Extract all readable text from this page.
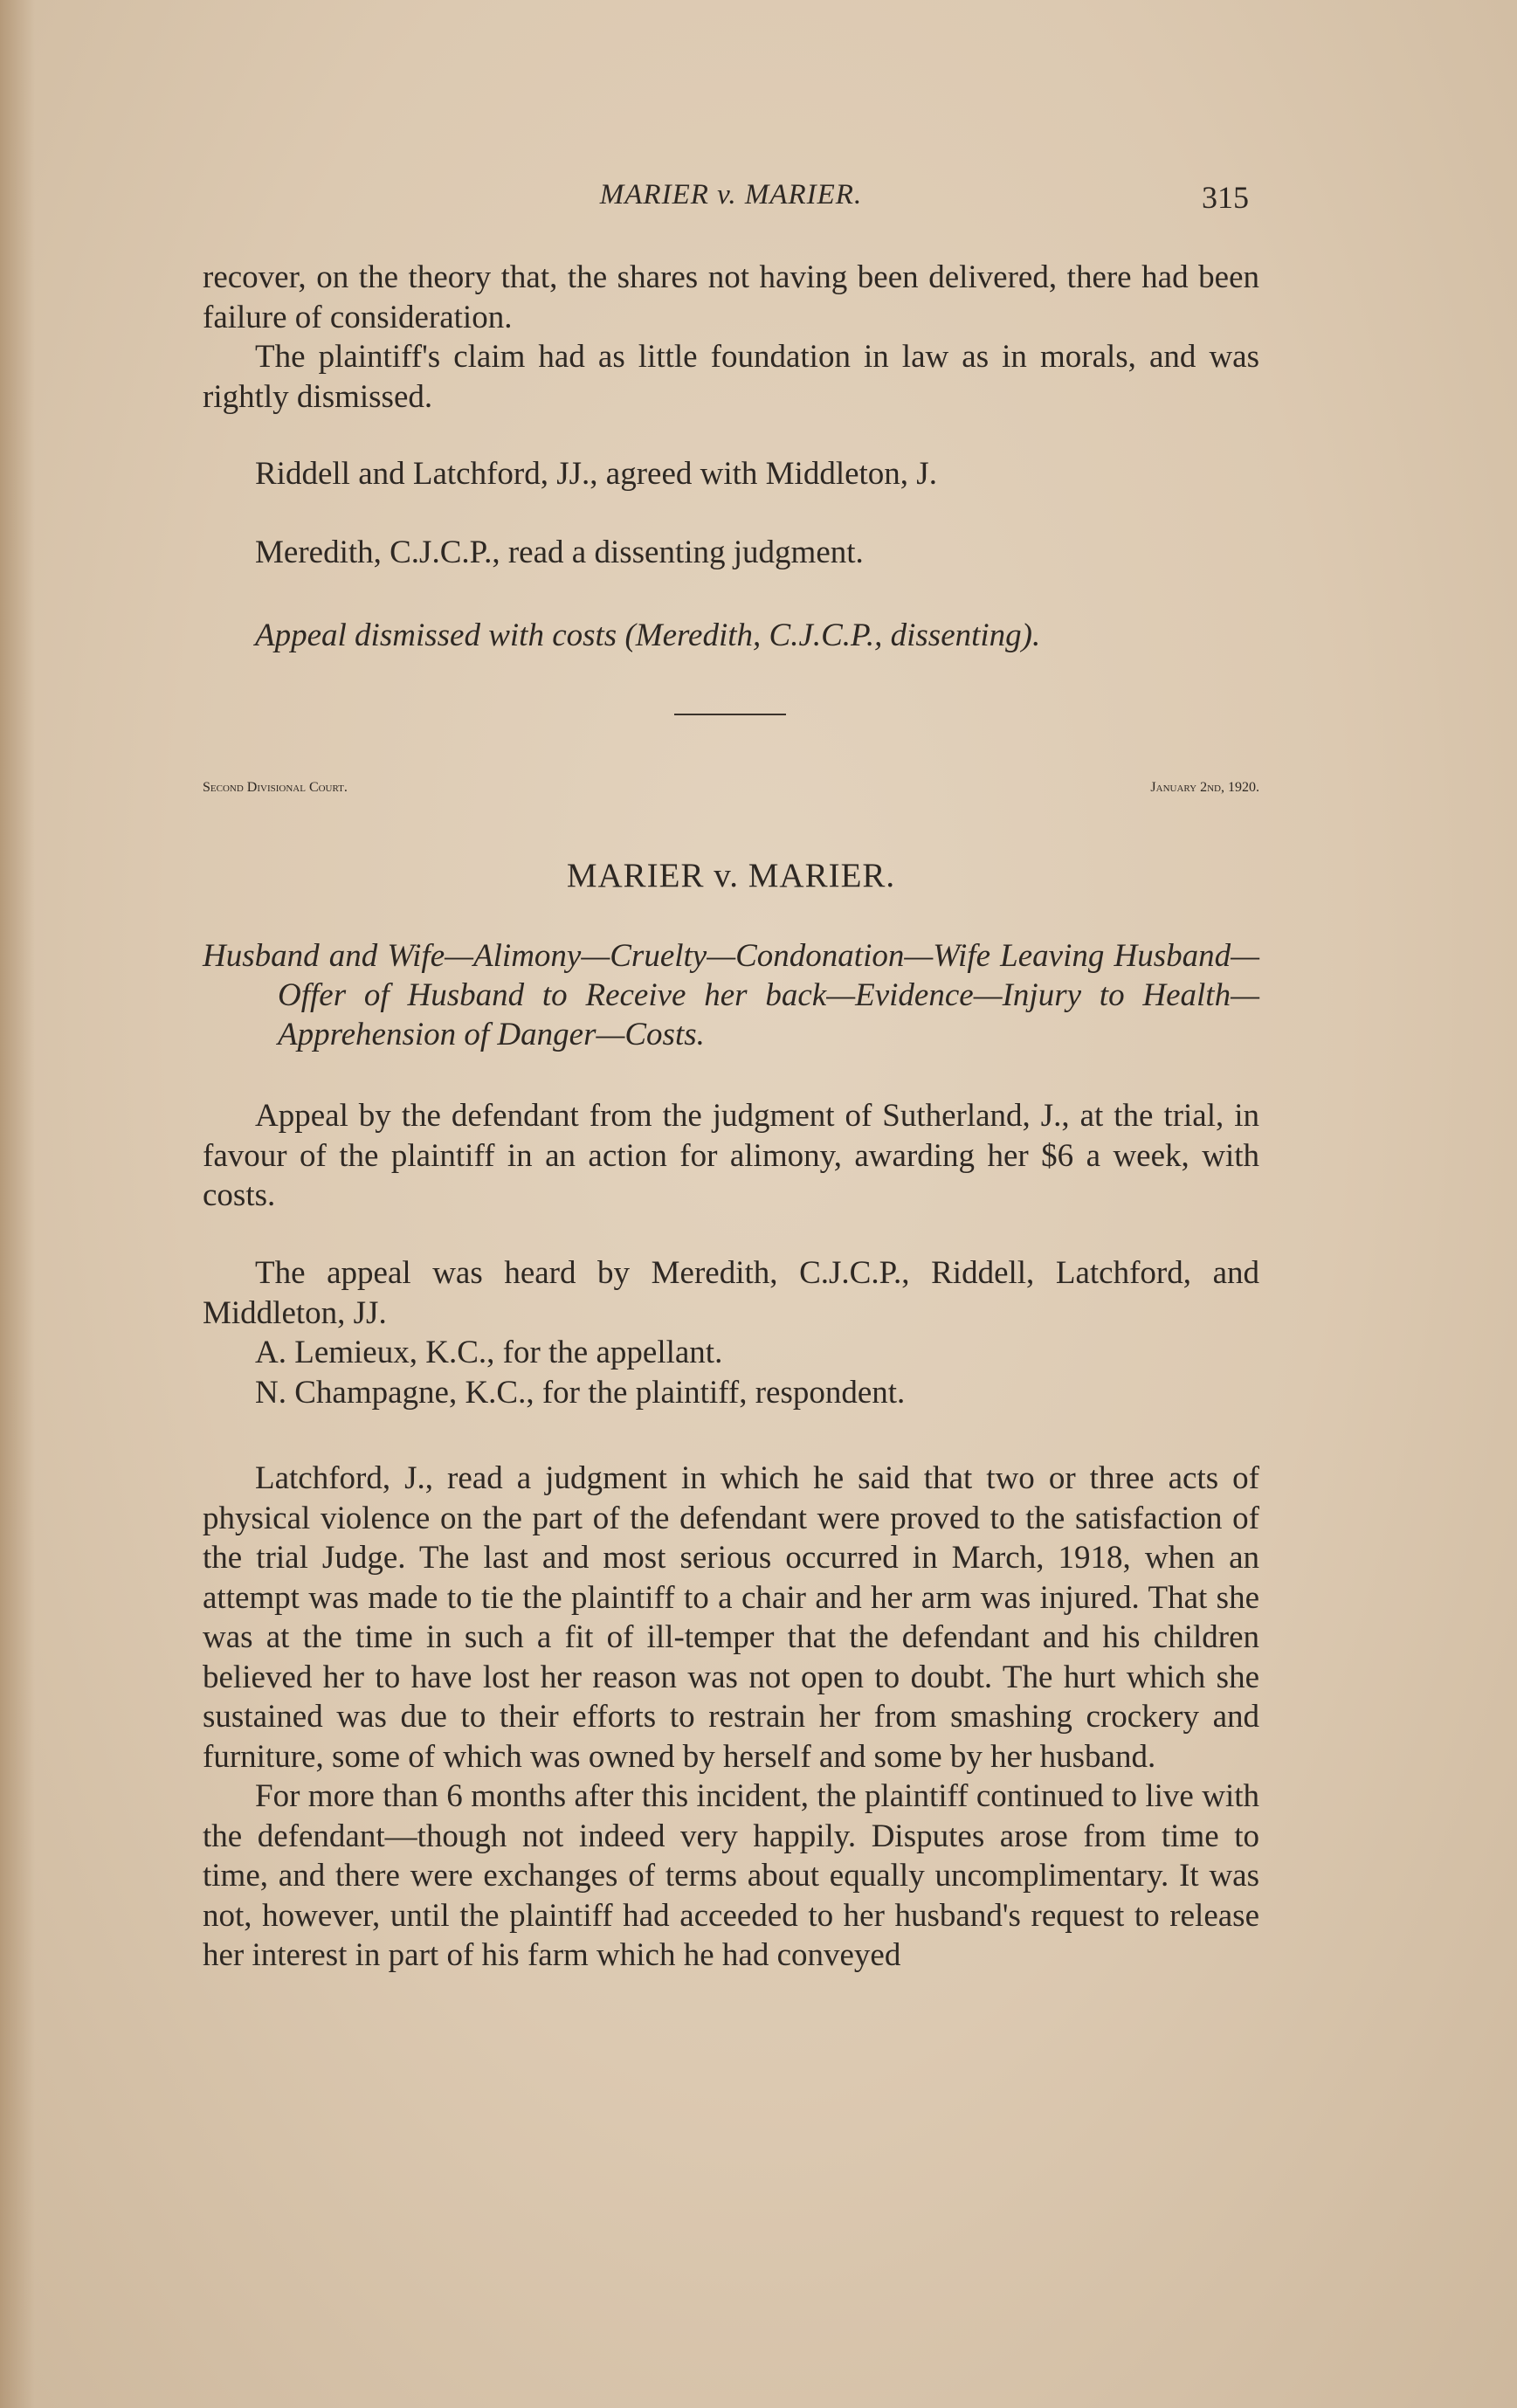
MARIER v. MARIER.	315

recover, on the theory that, the shares not having been delivered, there had been failure of consideration.

The plaintiff's claim had as little foundation in law as in morals, and was rightly dismissed.

Riddell and Latchford, JJ., agreed with Middleton, J.

Meredith, C.J.C.P., read a dissenting judgment.

Appeal dismissed with costs (Meredith, C.J.C.P., dissenting).

Second Divisional Court.	January 2nd, 1920.
MARIER v. MARIER.
Husband and Wife—Alimony—Cruelty—Condonation—Wife Leaving Husband—Offer of Husband to Receive her back—Evidence—Injury to Health—Apprehension of Danger—Costs.

Appeal by the defendant from the judgment of Sutherland, J., at the trial, in favour of the plaintiff in an action for alimony, awarding her $6 a week, with costs.

The appeal was heard by Meredith, C.J.C.P., Riddell, Latchford, and Middleton, JJ.

A. Lemieux, K.C., for the appellant.

N. Champagne, K.C., for the plaintiff, respondent.

Latchford, J., read a judgment in which he said that two or three acts of physical violence on the part of the defendant were proved to the satisfaction of the trial Judge. The last and most serious occurred in March, 1918, when an attempt was made to tie the plaintiff to a chair and her arm was injured. That she was at the time in such a fit of ill-temper that the defendant and his children believed her to have lost her reason was not open to doubt. The hurt which she sustained was due to their efforts to restrain her from smashing crockery and furniture, some of which was owned by herself and some by her husband.

For more than 6 months after this incident, the plaintiff continued to live with the defendant—though not indeed very happily. Disputes arose from time to time, and there were exchanges of terms about equally uncomplimentary. It was not, however, until the plaintiff had acceeded to her husband's request to release her interest in part of his farm which he had conveyed
